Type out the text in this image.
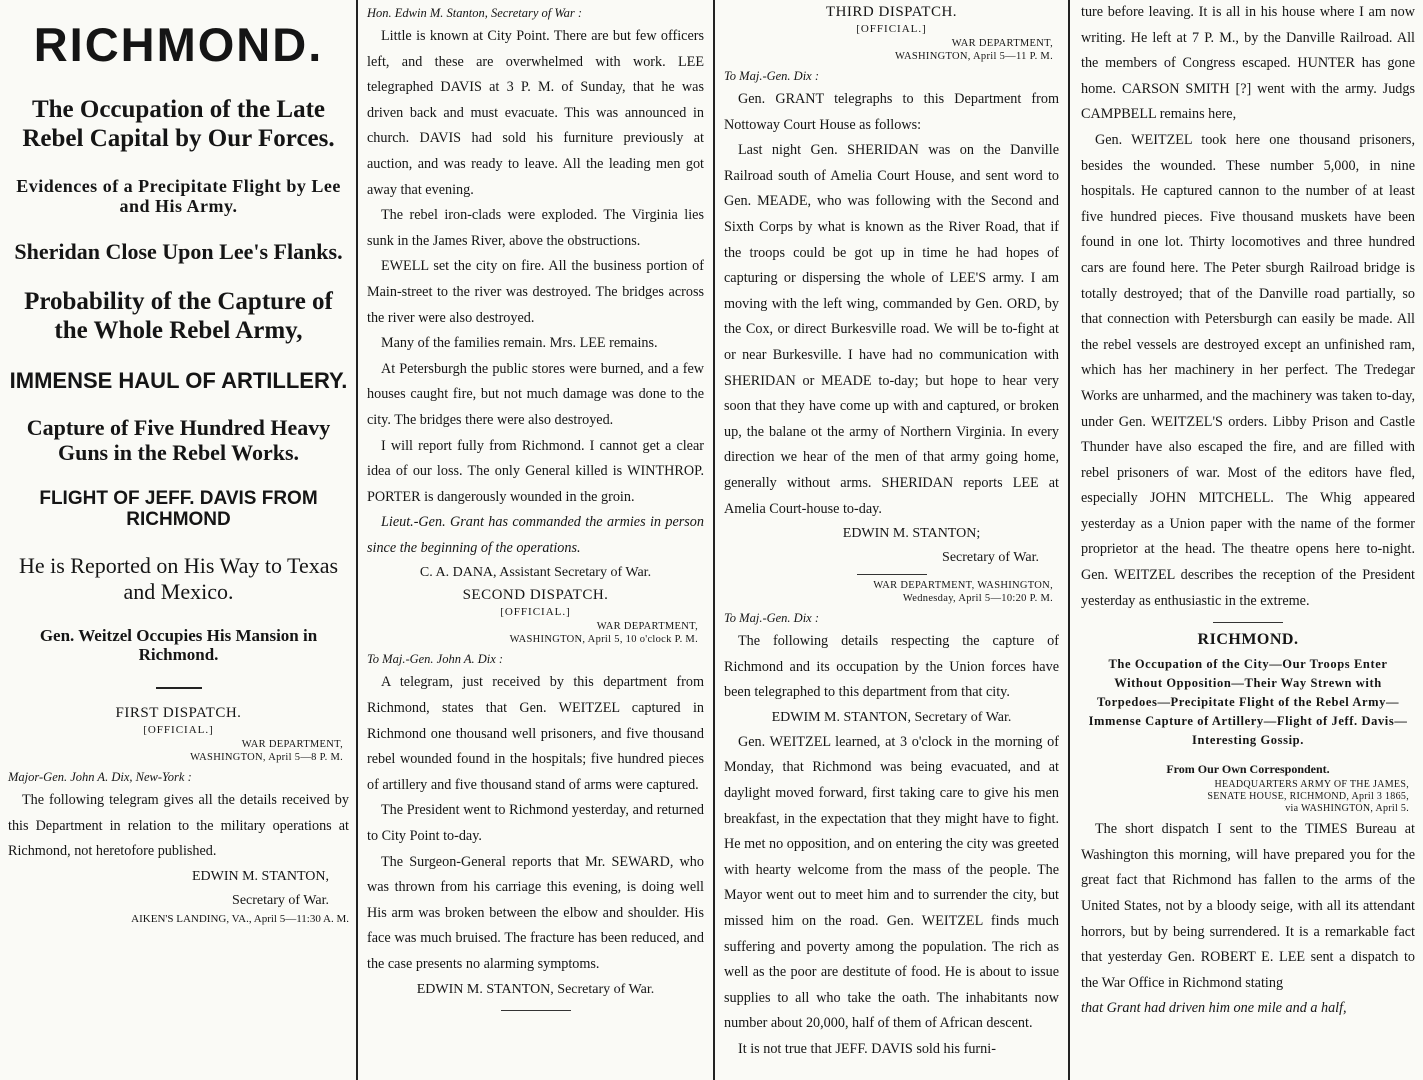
RICHMOND.
The Occupation of the Late Rebel Capital by Our Forces.
Evidences of a Precipitate Flight by Lee and His Army.
Sheridan Close Upon Lee's Flanks.
Probability of the Capture of the Whole Rebel Army,
IMMENSE HAUL OF ARTILLERY.
Capture of Five Hundred Heavy Guns in the Rebel Works.
FLIGHT OF JEFF. DAVIS FROM RICHMOND
He is Reported on His Way to Texas and Mexico.
Gen. Weitzel Occupies His Mansion in Richmond.
FIRST DISPATCH.
[OFFICIAL.]
WAR DEPARTMENT,
WASHINGTON, April 5—8 P. M.
Major-Gen. John A. Dix, New-York :

The following telegram gives all the details received by this Department in relation to the military operations at Richmond, not heretofore published.

EDWIN M. STANTON,
Secretary of War.
AIKEN'S LANDING, VA., April 5—11:30 A. M.
Hon. Edwin M. Stanton, Secretary of War :

Little is known at City Point. There are but few officers left, and these are overwhelmed with work. LEE telegraphed DAVIS at 3 P. M. of Sunday, that he was driven back and must evacuate. This was announced in church. DAVIS had sold his furniture previously at auction, and was ready to leave. All the leading men got away that evening.

The rebel iron-clads were exploded. The Virginia lies sunk in the James River, above the obstructions.

EWELL set the city on fire. All the business portion of Main-street to the river was destroyed. The bridges across the river were also destroyed.

Many of the families remain. Mrs. LEE remains.

At Petersburgh the public stores were burned, and a few houses caught fire, but not much damage was done to the city. The bridges there were also destroyed.

I will report fully from Richmond. I cannot get a clear idea of our loss. The only General killed is WINTHROP. PORTER is dangerously wounded in the groin.

Lieut.-Gen. Grant has commanded the armies in person since the beginning of the operations.

C. A. DANA, Assistant Secretary of War.
SECOND DISPATCH.
[OFFICIAL.]
WAR DEPARTMENT,
WASHINGTON, April 5, 10 o'clock P. M.
To Maj.-Gen. John A. Dix :

A telegram, just received by this department from Richmond, states that Gen. WEITZEL captured in Richmond one thousand well prisoners, and five thousand rebel wounded found in the hospitals; five hundred pieces of artillery and five thousand stand of arms were captured.

The President went to Richmond yesterday, and returned to City Point to-day.

The Surgeon-General reports that Mr. SEWARD, who was thrown from his carriage this evening, is doing well His arm was broken between the elbow and shoulder. His face was much bruised. The fracture has been reduced, and the case presents no alarming symptoms.

EDWIN M. STANTON, Secretary of War.
THIRD DISPATCH.
[OFFICIAL.]
WAR DEPARTMENT,
WASHINGTON, April 5—11 P. M.
To Maj.-Gen. Dix :

Gen. GRANT telegraphs to this Department from Nottoway Court House as follows:

Last night Gen. SHERIDAN was on the Danville Railroad south of Amelia Court House, and sent word to Gen. MEADE, who was following with the Second and Sixth Corps by what is known as the River Road, that if the troops could be got up in time he had hopes of capturing or dispersing the whole of LEE'S army. I am moving with the left wing, commanded by Gen. ORD, by the Cox, or direct Burkesville road. We will be to-fight at or near Burkesville. I have had no communication with SHERIDAN or MEADE to-day; but hope to hear very soon that they have come up with and captured, or broken up, the balane ot the army of Northern Virginia. In every direction we hear of the men of that army going home, generally without arms. SHERIDAN reports LEE at Amelia Court-house to-day.

EDWIN M. STANTON;
Secretary of War.
WAR DEPARTMENT, WASHINGTON,
Wednesday, April 5—10:20 P. M.
To Maj.-Gen. Dix :

The following details respecting the capture of Richmond and its occupation by the Union forces have been telegraphed to this department from that city.

EDWIM M. STANTON, Secretary of War.

Gen. WEITZEL learned, at 3 o'clock in the morning of Monday, that Richmond was being evacuated, and at daylight moved forward, first taking care to give his men breakfast, in the expectation that they might have to fight. He met no opposition, and on entering the city was greeted with hearty welcome from the mass of the people. The Mayor went out to meet him and to surrender the city, but missed him on the road. Gen. WEITZEL finds much suffering and poverty among the population. The rich as well as the poor are destitute of food. He is about to issue supplies to all who take the oath. The inhabitants now number about 20,000, half of them of African descent.

It is not true that JEFF. DAVIS sold his furni-

ture before leaving. It is all in his house where I am now writing. He left at 7 P. M., by the Danville Railroad. All the members of Congress escaped. HUNTER has gone home. CARSON SMITH [?] went with the army. Judgs CAMPBELL remains here,

Gen. WEITZEL took here one thousand prisoners, besides the wounded. These number 5,000, in nine hospitals. He captured cannon to the number of at least five hundred pieces. Five thousand muskets have been found in one lot. Thirty locomotives and three hundred cars are found here. The Peter sburgh Railroad bridge is totally destroyed; that of the Danville road partially, so that connection with Petersburgh can easily be made. All the rebel vessels are destroyed except an unfinished ram, which has her machinery in her perfect. The Tredegar Works are unharmed, and the machinery was taken to-day, under Gen. WEITZEL'S orders. Libby Prison and Castle Thunder have also escaped the fire, and are filled with rebel prisoners of war. Most of the editors have fled, especially JOHN MITCHELL. The Whig appeared yesterday as a Union paper with the name of the former proprietor at the head. The theatre opens here to-night. Gen. WEITZEL describes the reception of the President yesterday as enthusiastic in the extreme.

RICHMOND.
The Occupation of the City—Our Troops Enter Without Opposition—Their Way Strewn with Torpedoes—Precipitate Flight of the Rebel Army—Immense Capture of Artillery—Flight of Jeff. Davis—Interesting Gossip.
From Our Own Correspondent.
HEADQUARTERS ARMY OF THE JAMES,
SENATE HOUSE, RICHMOND, April 3 1865,
via WASHINGTON, April 5.

The short dispatch I sent to the TIMES Bureau at Washington this morning, will have prepared you for the great fact that Richmond has fallen to the arms of the United States, not by a bloody seige, with all its attendant horrors, but by being surrendered. It is a remarkable fact that yesterday Gen. ROBERT E. LEE sent a dispatch to the War Office in Richmond stating

that Grant had driven him one mile and a half,
